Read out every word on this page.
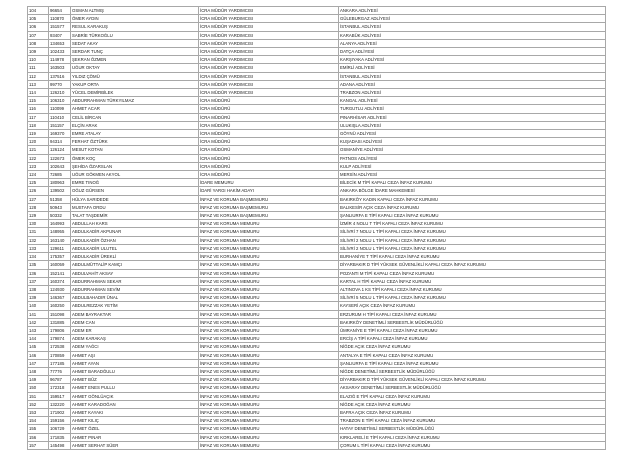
104	96654	OSMAN ALTMIŞ	İCRA MÜDÜR YARDIMCISI	ANKARA ADLİYESİ
105	110870	ÖMER AYDIN	İCRA MÜDÜR YARDIMCISI	GÜLEBURGAZ ADLİYESİ
106	151577	RESUL KARAKUŞ	İCRA MÜDÜR YARDIMCISI	İSTANBUL ADLİYESİ
107	93407	SABRİE TÜRKOĞLU	İCRA MÜDÜR YARDIMCISI	KARABÜK ADLİYESİ
108	134653	SEDAT AKAY	İCRA MÜDÜR YARDIMCISI	ALANYA ADLİYESİ
109	102433	SERDAR TUNÇ	İCRA MÜDÜR YARDIMCISI	DATÇA ADLİYESİ
110	114978	ŞEKRAN ÖZMEN	İCRA MÜDÜR YARDIMCISI	KARŞIYAKA ADLİYESİ
111	163503	UĞUR OKTAY	İCRA MÜDÜR YARDIMCISI	EMİRLİ ADLİYESİ
112	137516	YILDIZ ÇÖMÜ	İCRA MÜDÜR YARDIMCISI	İSTANBUL ADLİYESİ
113	99770	YAKUP ORTA	İCRA MÜDÜR YARDIMCISI	ADANA ADLİYESİ
114	126210	YÜCEL DEMİRBİLEK	İCRA MÜDÜR YARDIMCISI	TRABZON ADLİYESİ
115	106310	ABDURRAHMAN TÜRKYILMAZ	İCRA MÜDÜRÜ	KANGAL ADLİYESİ
116	110099	AHMET ACAR	İCRA MÜDÜRÜ	TURGUTLU ADLİYESİ
117	110410	CELİL BİRCAN	İCRA MÜDÜRÜ	PINARHİSAR ADLİYESİ
118	151157	ELÇİN ARAK	İCRA MÜDÜRÜ	ULUKIŞLA ADLİYESİ
119	169370	EMRE ATALAY	İCRA MÜDÜRÜ	GÖYNÜ ADLİYESİ
120	94314	FERHAT ÖZTÜRK	İCRA MÜDÜRÜ	KUŞADASI ADLİYESİ
121	126124	MESUT KOTAN	İCRA MÜDÜRÜ	OSMANİYE ADLİYESİ
122	122673	ÖMER KOÇ	İCRA MÜDÜRÜ	PATNOS ADLİYESİ
123	102643	ŞEHİDA ÖZARSLAN	İCRA MÜDÜRÜ	KULP ADLİYESİ
124	72685	UĞUR GÖKMEN AKYOL	İCRA MÜDÜRÜ	MERSİN ADLİYESİ
125	180963	EMRE TINOĞ	İDARE MEMURU	BİLECİK M TİPİ KAPALI CEZA İNFAZ KURUMU
126	139502	OĞUZ GÜRSEN	İDARİ YARGI HAKİM ADAYI	ANKARA BÖLGE İDARE MAHKEMESİ
127	51358	HÜLYA SARIDEDE	İNFAZ VE KORUMA BAŞMEMURU	BAKIRKÖY KADIN KAPALI CEZA İNFAZ KURUMU
128	50943	MUSTAFA ORDU	İNFAZ VE KORUMA BAŞMEMURU	BALIKESİR AÇIK CEZA İNFAZ KURUMU
129	50332	TALAT TAŞDEMİR	İNFAZ VE KORUMA BAŞMEMURU	ŞANLIURFA E TİPİ KAPALI CEZA İNFAZ KURUMU
130	164993	ABDULLAH KARS	İNFAZ VE KORUMA MEMURU	İZMİR 4 NOLU T TİPİ KAPALI CEZA İNFAZ KURUMU
131	148955	ABDULKADİR AKPUNAR	İNFAZ VE KORUMA MEMURU	SİLİVRİ 7 NOLU L TİPİ KAPALI CEZA İNFAZ KURUMU
132	163140	ABDULKADİR ÖZHAN	İNFAZ VE KORUMA MEMURU	SİLİVRİ 2 NOLU L TİPİ KAPALI CEZA İNFAZ KURUMU
133	129611	ABDULKADİR ULUTEL	İNFAZ VE KORUMA MEMURU	SİLİVRİ 2 NOLU L TİPİ KAPALI CEZA İNFAZ KURUMU
134	175357	ABDULKADİR ÜREKLİ	İNFAZ VE KORUMA MEMURU	BURHANİYE T TİPİ KAPALI CEZA İNFAZ KURUMU
135	160059	ABDULMÜTTALİP KAMÇI	İNFAZ VE KORUMA MEMURU	DİYARBAKIR D TİPİ YÜKSEK GÜVENLİKLİ KAPALI CEZA İNFAZ KURUMU
136	152141	ABDULVAHİT AKSAY	İNFAZ VE KORUMA MEMURU	POZANTI M TİPİ KAPALI CEZA İNFAZ KURUMU
137	160374	ABDURRAHMAN SEKAR	İNFAZ VE KORUMA MEMURU	KARTAL H TİPİ KAPALI CEZA İNFAZ KURUMU
138	124930	ABDURRAHMAN SEVİM	İNFAZ VE KORUMA MEMURU	ALTINOVA 1 KS TİPİ KAPALI CEZA İNFAZ KURUMU
139	146367	ABDULBAHADIR ÜNAL	İNFAZ VE KORUMA MEMURU	SİLİVRİ 5 NOLU L TİPİ KAPALI CEZA İNFAZ KURUMU
140	160250	ABDULREZZAK YETİM	İNFAZ VE KORUMA MEMURU	KAYSERİ AÇIK CEZA İNFAZ KURUMU
141	151098	ADEM BAYRAKTAR	İNFAZ VE KORUMA MEMURU	ERZURUM H TİPİ KAPALI CEZA İNFAZ KURUMU
142	131885	ADEM CAN	İNFAZ VE KORUMA MEMURU	BAKIRKÖY DENETİMLİ SERBESTLİK MÜDÜRLÜĞÜ
143	179806	ADEM ER	İNFAZ VE KORUMA MEMURU	ÜMRANİYE E TİPİ KAPALI CEZA İNFAZ KURUMU
144	179874	ADEM KARAKAŞ	İNFAZ VE KORUMA MEMURU	ERCİŞ A TİPİ KAPALI CEZA İNFAZ KURUMU
145	172538	ADEM YAĞCI	İNFAZ VE KORUMA MEMURU	NİĞDE AÇIK CEZA İNFAZ KURUMU
146	170859	AHMET AŞI	İNFAZ VE KORUMA MEMURU	ANTALYA E TİPİ KAPALI CEZA İNFAZ KURUMU
147	177185	AHMET AYAN	İNFAZ VE KORUMA MEMURU	ŞANLIURFA E TİPİ KAPALI CEZA İNFAZ KURUMU
148	77776	AHMET BARADĞULU	İNFAZ VE KORUMA MEMURU	NİĞDE DENETİMLİ SERBESTLİK MÜDÜRLÜĞÜ
149	96787	AHMET BÜZ	İNFAZ VE KORUMA MEMURU	DİYARBAKIR D TİPİ YÜKSEK GÜVENLİKLİ KAPALI CEZA İNFAZ KURUMU
150	172318	AHMET ENES PULLU	İNFAZ VE KORUMA MEMURU	AKSARAY DENETİMLİ SERBESTLİK MÜDÜRLÜĞÜ
151	159517	AHMET GÖNLÜAÇIK	İNFAZ VE KORUMA MEMURU	ELAZIĞ E TİPİ KAPALI CEZA İNFAZ KURUMU
152	132220	AHMET KARADOĞAN	İNFAZ VE KORUMA MEMURU	NİĞDE AÇIK CEZA İNFAZ KURUMU
153	171902	AHMET KAYAKI	İNFAZ VE KORUMA MEMURU	BAFRA AÇIK CEZA İNFAZ KURUMU
154	159156	AHMET KILIÇ	İNFAZ VE KORUMA MEMURU	TRABZON E TİPİ KAPALI CEZA İNFAZ KURUMU
155	106729	AHMET ÖZEL	İNFAZ VE KORUMA MEMURU	HATAY DENETİMLİ SERBESTLİK MÜDÜRLÜĞÜ
156	171835	AHMET PINAR	İNFAZ VE KORUMA MEMURU	KIRKLARELİ E TİPİ KAPALI CEZA İNFAZ KURUMU
157	145498	AHMET SERHAT SÜER	İNFAZ VE KORUMA MEMURU	ÇORUM L TİPİ KAPALI CEZA İNFAZ KURUMU
